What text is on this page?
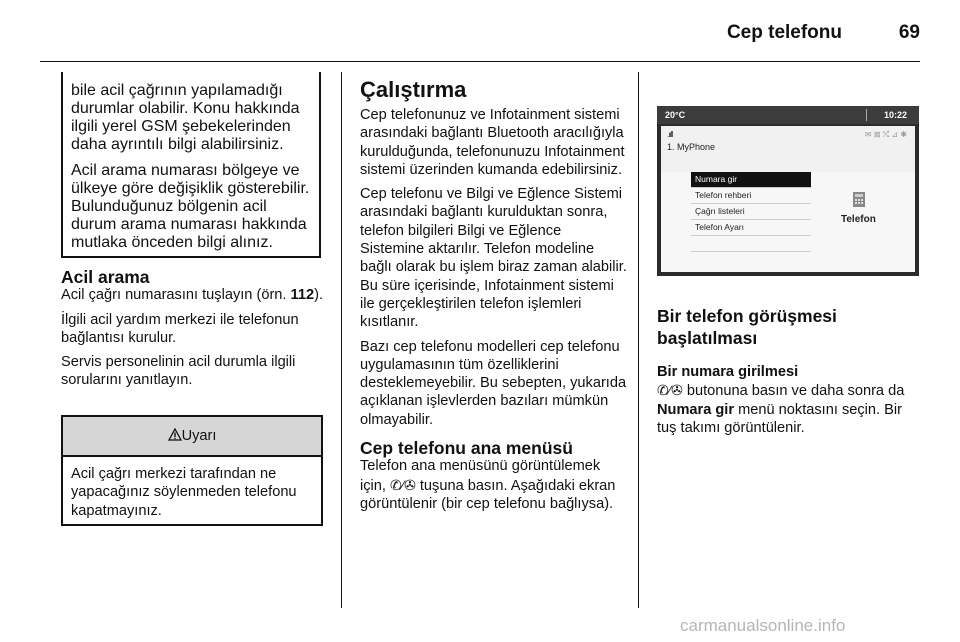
Cep telefonu	69

bile acil çağrının yapılamadığı durumlar olabilir. Konu hakkında ilgili yerel GSM şebekelerinden daha ayrıntılı bilgi alabilirsiniz.

Acil arama numarası bölgeye ve ülkeye göre değişiklik gösterebilir. Bulunduğunuz bölgenin acil durum arama numarası hakkında mutlaka önceden bilgi alınız.

Acil arama

Acil çağrı numarasını tuşlayın (örn. 112).

İlgili acil yardım merkezi ile telefonun bağlantısı kurulur.

Servis personelinin acil durumla ilgili sorularını yanıtlayın.

Uyarı
Acil çağrı merkezi tarafından ne yapacağınız söylenmeden telefonu kapatmayınız.
Çalıştırma

Cep telefonunuz ve Infotainment sistemi arasındaki bağlantı Bluetooth aracılığıyla kurulduğunda, telefonunuzu Infotainment sistemi üzerinden kumanda edebilirsiniz.

Cep telefonu ve Bilgi ve Eğlence Sistemi arasındaki bağlantı kurulduktan sonra, telefon bilgileri Bilgi ve Eğlence Sistemine aktarılır. Telefon modeline bağlı olarak bu işlem biraz zaman alabilir. Bu süre içerisinde, Infotainment sistemi ile gerçekleştirilen telefon işlemleri kısıtlanır.

Bazı cep telefonu modelleri cep telefonu uygulamasının tüm özelliklerini desteklemeyebilir. Bu sebepten, yukarıda açıklanan işlevlerden bazıları mümkün olmayabilir.

Cep telefonu ana menüsü

Telefon ana menüsünü görüntülemek için, ✆⁄✇ tuşuna basın. Aşağıdaki ekran görüntülenir (bir cep telefonu bağlıysa).

20°C	10:22
.ııll	✉ ⊠ ⤭ ⊿ ✱
1. MyPhone
Numara gir
Telefon rehberi
Çağrı listeleri
Telefon Ayarı
Telefon
Bir telefon görüşmesi
başlatılması

Bir numara girilmesi

✆⁄✇ butonuna basın ve daha sonra da Numara gir menü noktasını seçin. Bir tuş takımı görüntülenir.

carmanualsonline.info
